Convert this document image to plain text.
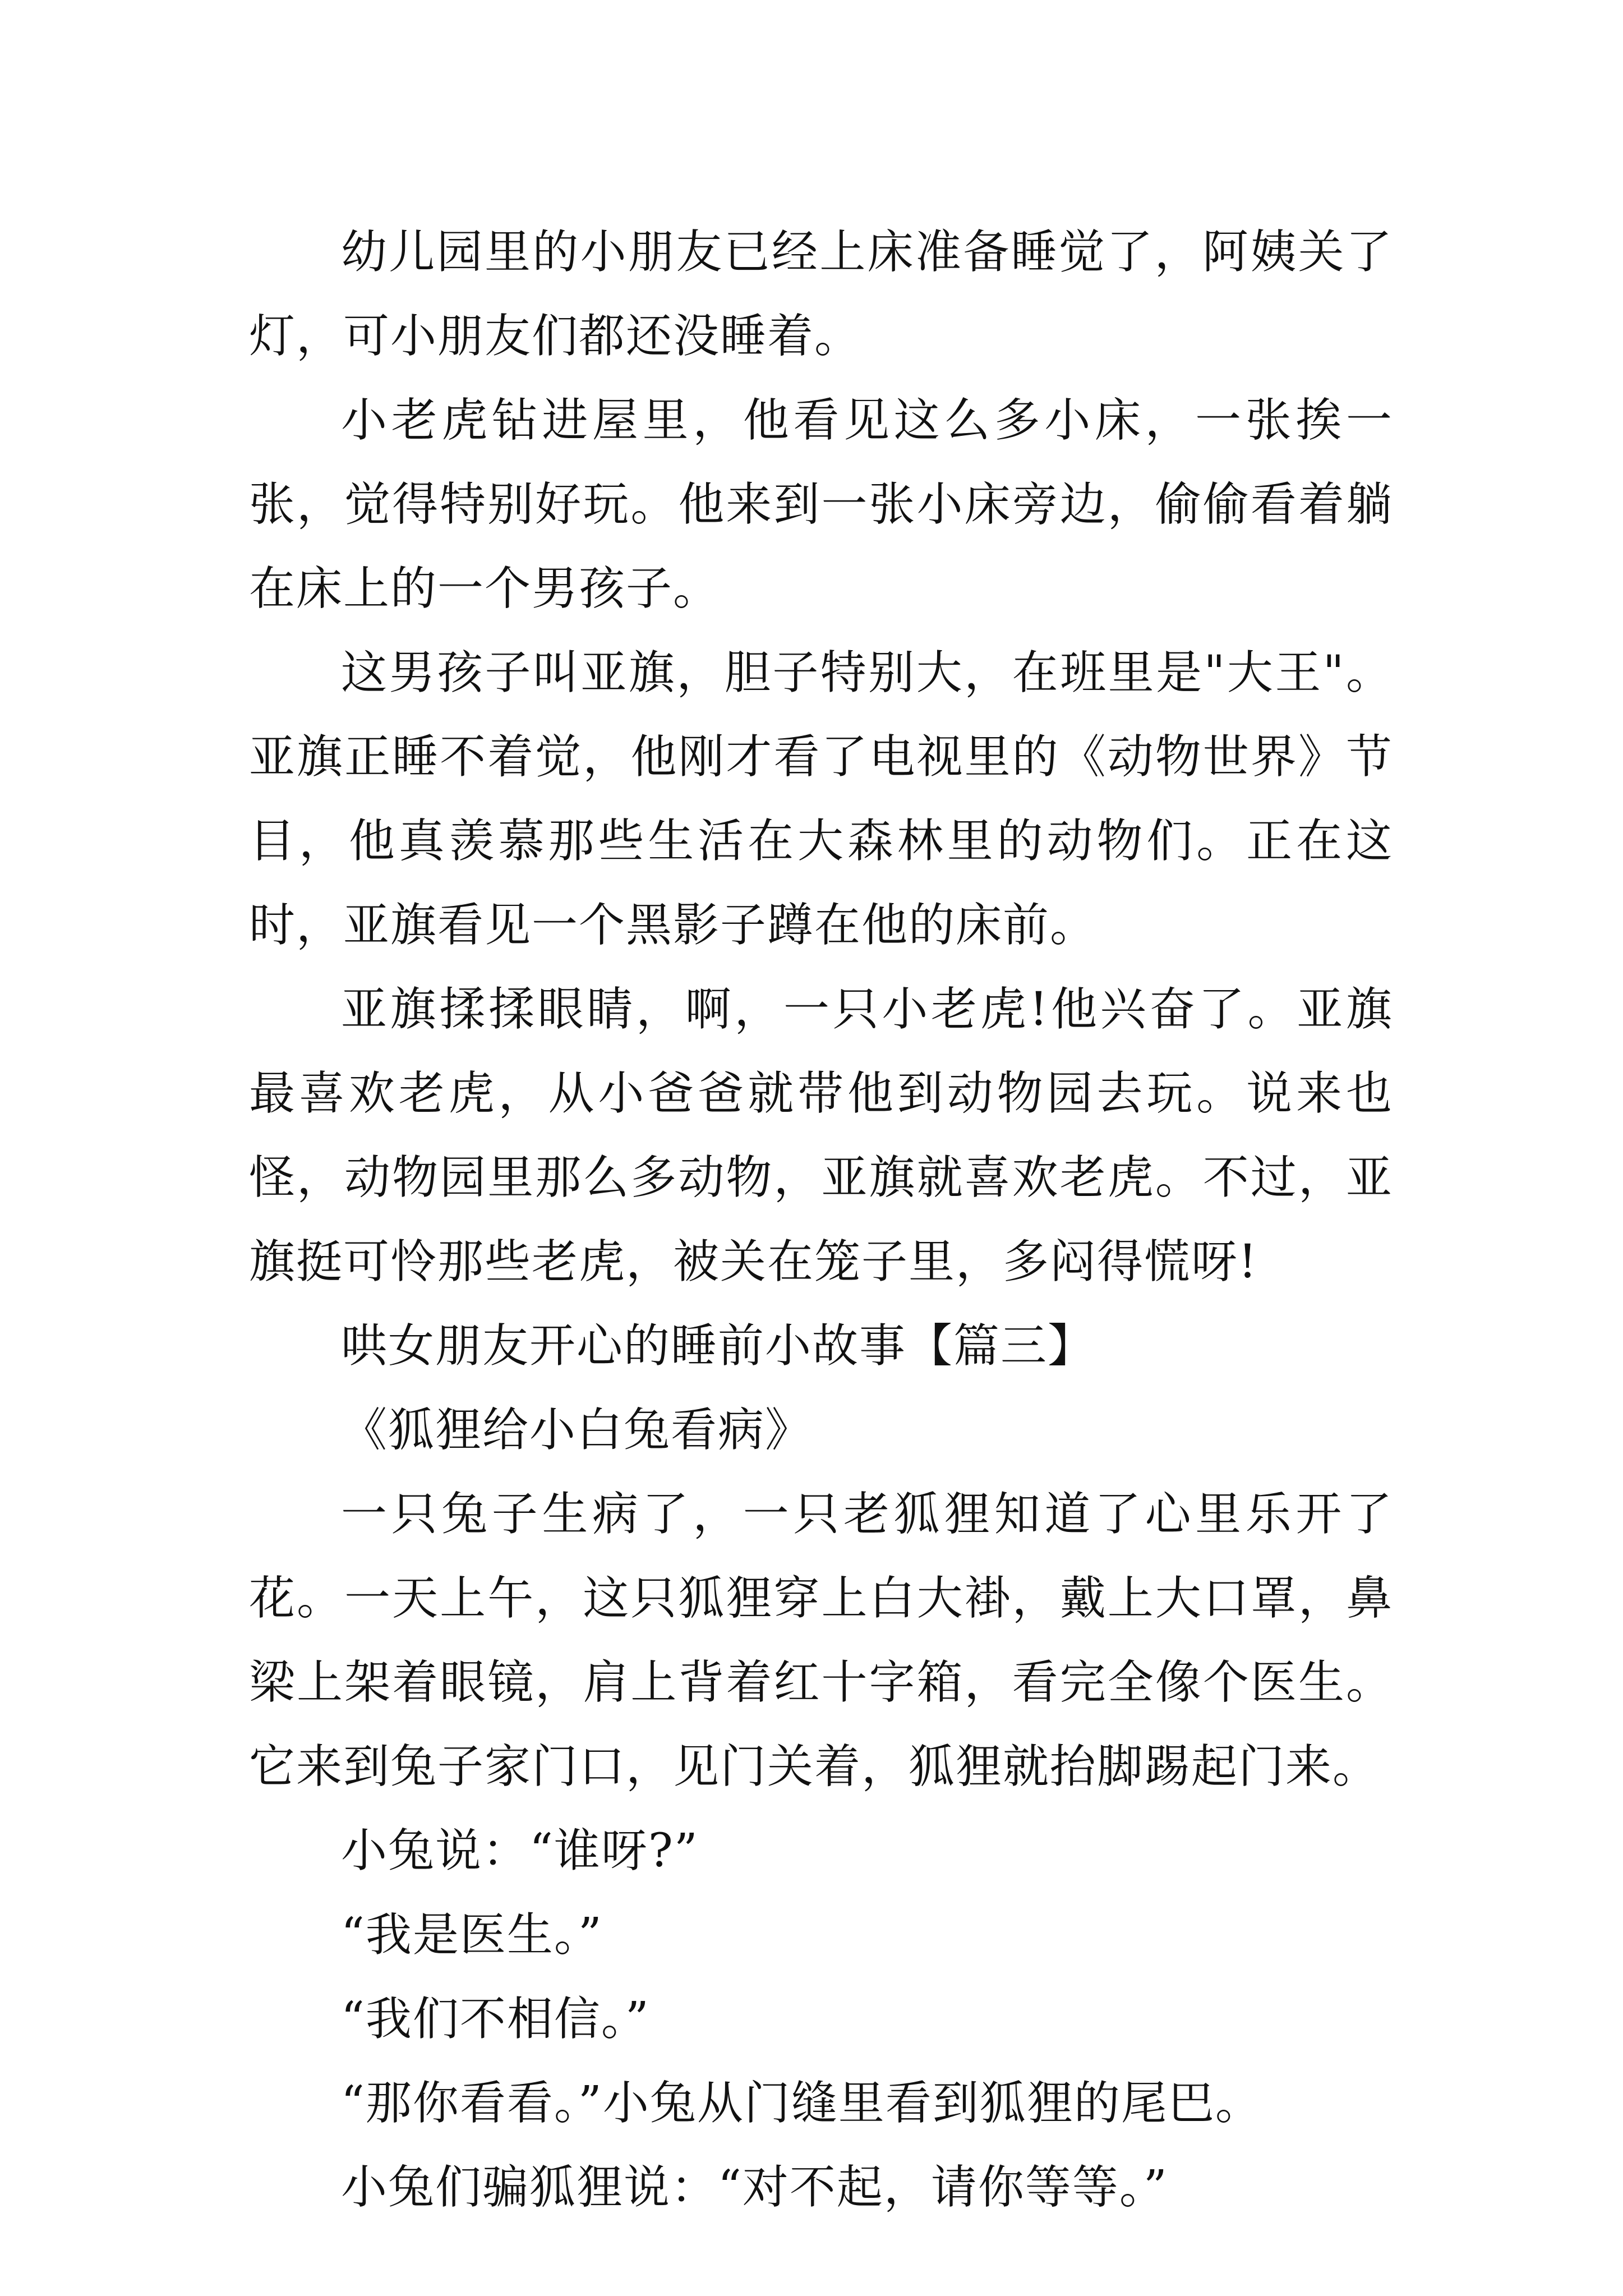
幼儿园里的小朋友已经上床准备睡觉了，阿姨关了灯，可小朋友们都还没睡着。

小老虎钻进屋里，他看见这么多小床，一张挨一张，觉得特别好玩。他来到一张小床旁边，偷偷看着躺在床上的一个男孩子。

这男孩子叫亚旗，胆子特别大，在班里是"大王"。亚旗正睡不着觉，他刚才看了电视里的《动物世界》节目，他真羡慕那些生活在大森林里的动物们。正在这时，亚旗看见一个黑影子蹲在他的床前。

亚旗揉揉眼睛，啊，一只小老虎!他兴奋了。亚旗最喜欢老虎，从小爸爸就带他到动物园去玩。说来也怪，动物园里那么多动物，亚旗就喜欢老虎。不过，亚旗挺可怜那些老虎，被关在笼子里，多闷得慌呀!

哄女朋友开心的睡前小故事【篇三】

《狐狸给小白兔看病》

一只兔子生病了，一只老狐狸知道了心里乐开了花。一天上午，这只狐狸穿上白大褂，戴上大口罩，鼻梁上架着眼镜，肩上背着红十字箱，看完全像个医生。它来到兔子家门口，见门关着，狐狸就抬脚踢起门来。

小兔说：“谁呀?”

“我是医生。”

“我们不相信。”

“那你看看。”小兔从门缝里看到狐狸的尾巴。

小兔们骗狐狸说：“对不起，请你等等。”
